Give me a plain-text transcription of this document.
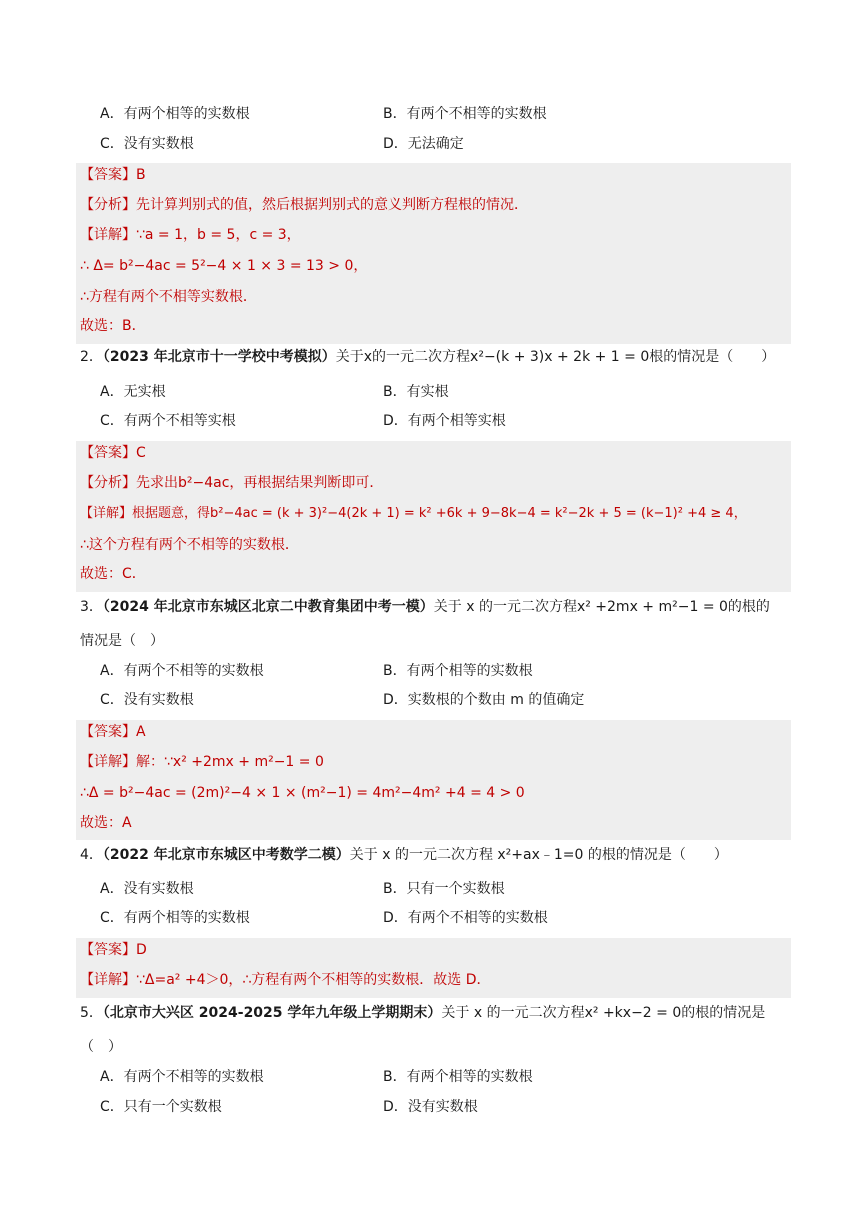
A．有两个相等的实数根	B．有两个不相等的实数根
C．没有实数根	D．无法确定
【答案】B
【分析】先计算判别式的值，然后根据判别式的意义判断方程根的情况．
【详解】∵a = 1，b = 5，c = 3，
∴ Δ= b²−4ac = 5²−4 × 1 × 3 = 13 > 0，
∴方程有两个不相等实数根．
故选：B．
2．（2023 年北京市十一学校中考模拟）关于x的一元二次方程x²−(k + 3)x + 2k + 1 = 0根的情况是（　　）
A．无实根	B．有实根
C．有两个不相等实根	D．有两个相等实根
【答案】C
【分析】先求出b²−4ac，再根据结果判断即可．
【详解】根据题意，得b²−4ac = (k + 3)²−4(2k + 1) = k² +6k + 9−8k−4 = k²−2k + 5 = (k−1)² +4 ≥ 4，
∴这个方程有两个不相等的实数根．
故选：C．
3．（2024 年北京市东城区北京二中教育集团中考一模）关于 x 的一元二次方程x² +2mx + m²−1 = 0的根的
情况是（　）
A．有两个不相等的实数根	B．有两个相等的实数根
C．没有实数根	D．实数根的个数由 m 的值确定
【答案】A
【详解】解：∵x² +2mx + m²−1 = 0
∴Δ = b²−4ac = (2m)²−4 × 1 × (m²−1) = 4m²−4m² +4 = 4 > 0
故选：A
4．（2022 年北京市东城区中考数学二模）关于 x 的一元二次方程 x²+ax﹣1=0 的根的情况是（　　）
A．没有实数根	B．只有一个实数根
C．有两个相等的实数根	D．有两个不相等的实数根
【答案】D
【详解】∵Δ=a² +4＞0，∴方程有两个不相等的实数根．故选 D．
5．（北京市大兴区 2024-2025 学年九年级上学期期末）关于 x 的一元二次方程x² +kx−2 = 0的根的情况是
（　）
A．有两个不相等的实数根	B．有两个相等的实数根
C．只有一个实数根	D．没有实数根
